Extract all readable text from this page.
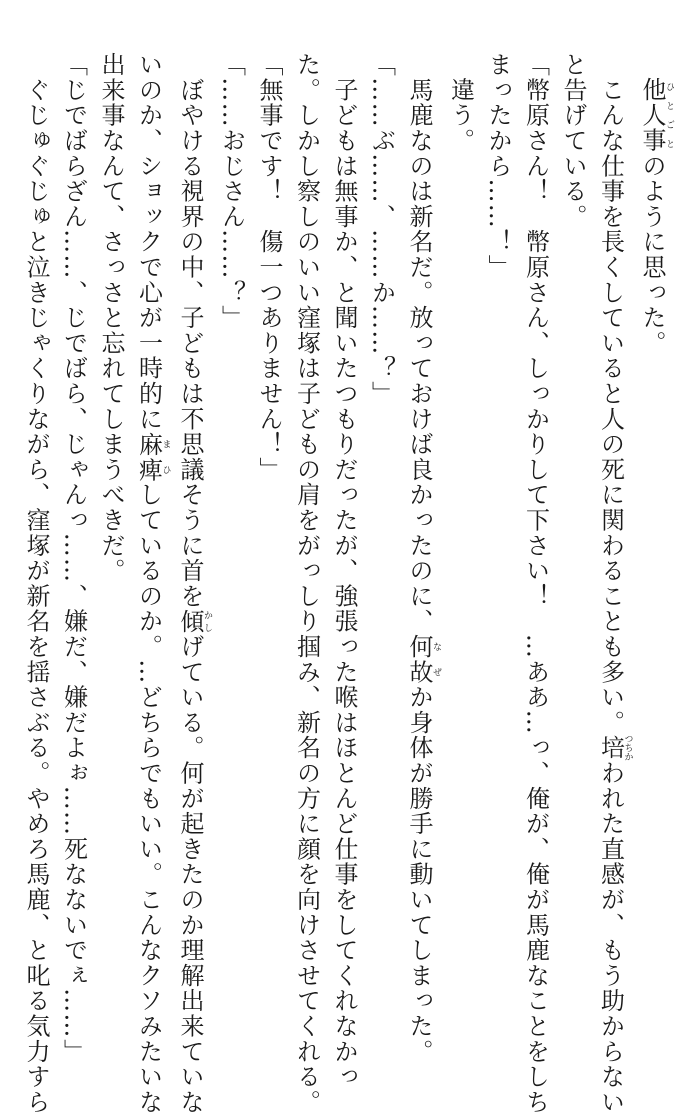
　他人事ひとごとのように思った。
　こんな仕事を長くしていると人の死に関わることも多い。培つちかわれた直感が、もう助からない
と告げている。
「幣原さん！　幣原さん、しっかりして下さい！　…ああ…っ、俺が、俺が馬鹿なことをしち
まったから……！」
　違う。
　馬鹿なのは新名だ。放っておけば良かったのに、何故なぜか身体が勝手に動いてしまった。
「……ぶ……、……か……？」
　子どもは無事か、と聞いたつもりだったが、強張った喉はほとんど仕事をしてくれなかっ
た。しかし察しのいい窪塚は子どもの肩をがっしり掴み、新名の方に顔を向けさせてくれる。
「無事です！　傷一つありません！」
「……おじさん……？」
　ぼやける視界の中、子どもは不思議そうに首を傾かしげている。何が起きたのか理解出来ていな
いのか、ショックで心が一時的に麻痺まひしているのか。…どちらでもいい。こんなクソみたいな
出来事なんて、さっさと忘れてしまうべきだ。
「じでばらざん……、じでばら、じゃんっ……、嫌だ、嫌だよぉ……死なないでぇ……」
　ぐじゅぐじゅと泣きじゃくりながら、窪塚が新名を揺さぶる。やめろ馬鹿、と叱る気力すら
